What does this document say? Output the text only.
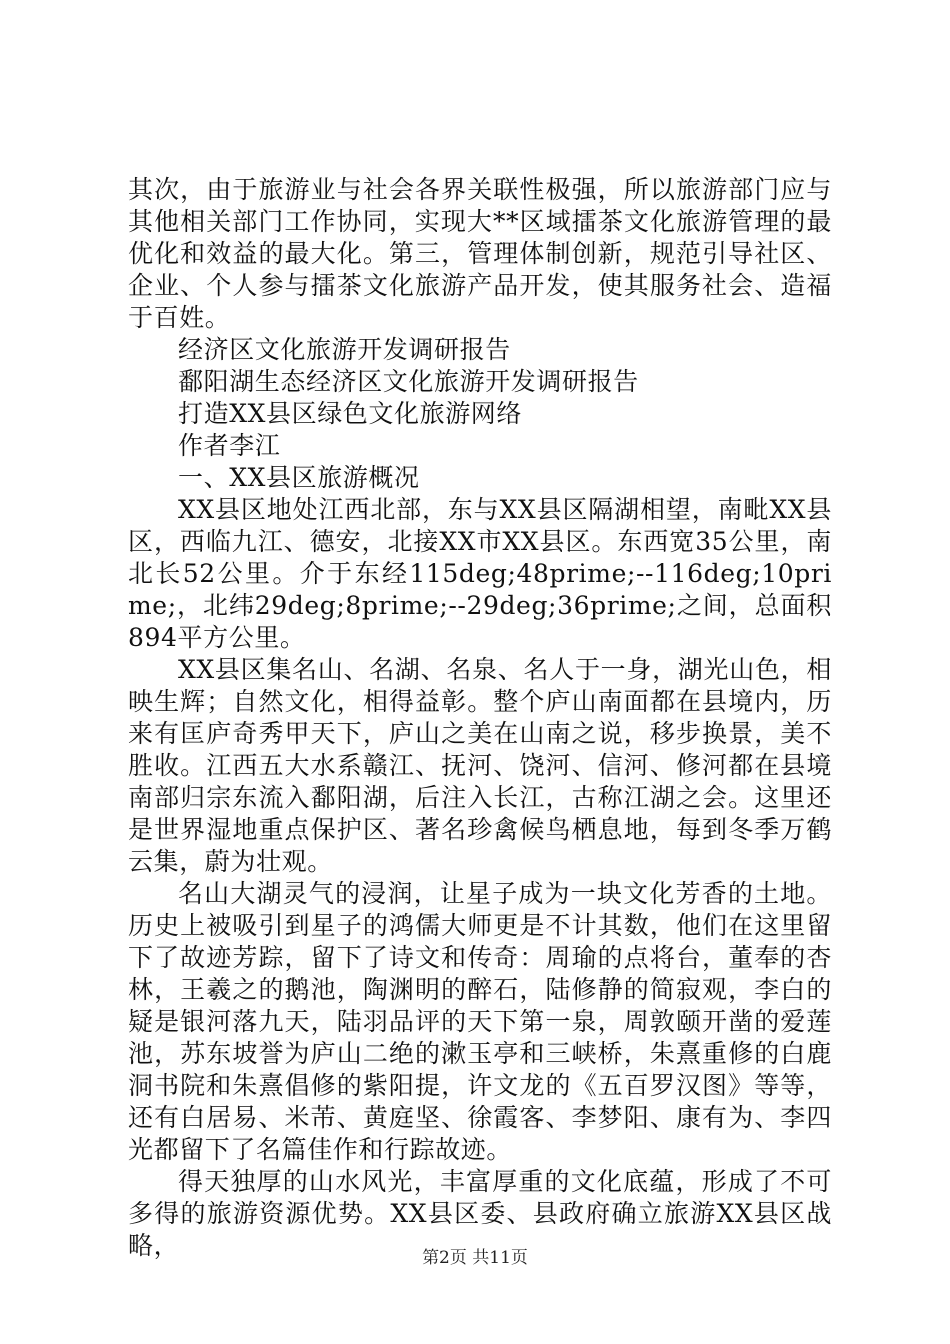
其次，由于旅游业与社会各界关联性极强，所以旅游部门应与其他相关部门工作协同，实现大**区域擂茶文化旅游管理的最优化和效益的最大化。第三，管理体制创新，规范引导社区、企业、个人参与擂茶文化旅游产品开发，使其服务社会、造福于百姓。

经济区文化旅游开发调研报告

鄱阳湖生态经济区文化旅游开发调研报告

打造XX县区绿色文化旅游网络

作者李江

一、XX县区旅游概况

XX县区地处江西北部，东与XX县区隔湖相望，南毗XX县区，西临九江、德安，北接XX市XX县区。东西宽35公里，南北长52公里。介于东经115deg;48prime;--116deg;10prime;，北纬29deg;8prime;--29deg;36prime;之间，总面积894平方公里。

XX县区集名山、名湖、名泉、名人于一身，湖光山色，相映生辉；自然文化，相得益彰。整个庐山南面都在县境内，历来有匡庐奇秀甲天下，庐山之美在山南之说，移步换景，美不胜收。江西五大水系赣江、抚河、饶河、信河、修河都在县境南部归宗东流入鄱阳湖，后注入长江，古称江湖之会。这里还是世界湿地重点保护区、著名珍禽候鸟栖息地，每到冬季万鹤云集，蔚为壮观。

名山大湖灵气的浸润，让星子成为一块文化芳香的土地。历史上被吸引到星子的鸿儒大师更是不计其数，他们在这里留下了故迹芳踪，留下了诗文和传奇：周瑜的点将台，董奉的杏林，王羲之的鹅池，陶渊明的醉石，陆修静的简寂观，李白的疑是银河落九天，陆羽品评的天下第一泉，周敦颐开凿的爱莲池，苏东坡誉为庐山二绝的漱玉亭和三峡桥，朱熹重修的白鹿洞书院和朱熹倡修的紫阳提，许文龙的《五百罗汉图》等等，还有白居易、米芾、黄庭坚、徐霞客、李梦阳、康有为、李四光都留下了名篇佳作和行踪故迹。

得天独厚的山水风光，丰富厚重的文化底蕴，形成了不可多得的旅游资源优势。XX县区委、县政府确立旅游XX县区战略，	第2页 共11页
